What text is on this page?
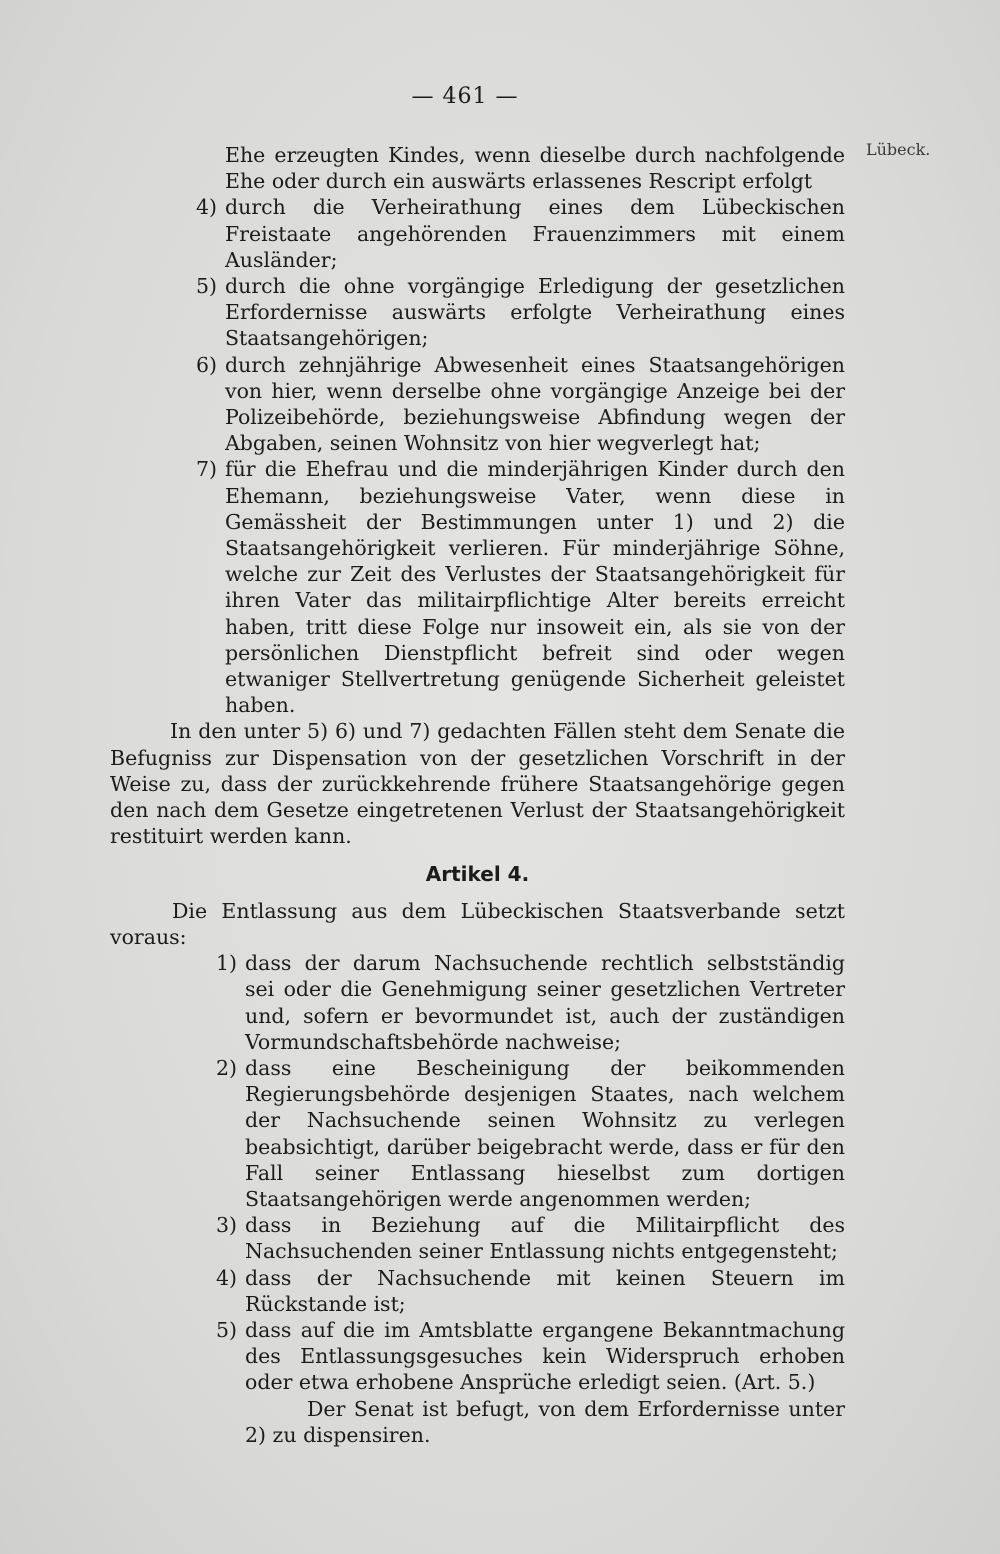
— 461 —
Lübeck.

Ehe erzeugten Kindes, wenn dieselbe durch nachfolgende Ehe oder durch ein auswärts erlassenes Rescript erfolgt

4) durch die Verheirathung eines dem Lübeckischen Freistaate angehörenden Frauenzimmers mit einem Ausländer;
5) durch die ohne vorgängige Erledigung der gesetzlichen Erfordernisse auswärts erfolgte Verheirathung eines Staatsangehörigen;
6) durch zehnjährige Abwesenheit eines Staatsangehörigen von hier, wenn derselbe ohne vorgängige Anzeige bei der Polizeibehörde, beziehungsweise Abfindung wegen der Abgaben, seinen Wohnsitz von hier wegverlegt hat;
7) für die Ehefrau und die minderjährigen Kinder durch den Ehemann, beziehungsweise Vater, wenn diese in Gemässheit der Bestimmungen unter 1) und 2) die Staatsangehörigkeit verlieren. Für minderjährige Söhne, welche zur Zeit des Verlustes der Staatsangehörigkeit für ihren Vater das militairpflichtige Alter bereits erreicht haben, tritt diese Folge nur insoweit ein, als sie von der persönlichen Dienstpflicht befreit sind oder wegen etwaniger Stellvertretung genügende Sicherheit geleistet haben.

In den unter 5) 6) und 7) gedachten Fällen steht dem Senate die Befugniss zur Dispensation von der gesetzlichen Vorschrift in der Weise zu, dass der zurückkehrende frühere Staatsangehörige gegen den nach dem Gesetze eingetretenen Verlust der Staatsangehörigkeit restituirt werden kann.

Artikel 4.

Die Entlassung aus dem Lübeckischen Staatsverbande setzt voraus:

1) dass der darum Nachsuchende rechtlich selbstständig sei oder die Genehmigung seiner gesetzlichen Vertreter und, sofern er bevormundet ist, auch der zuständigen Vormundschaftsbehörde nachweise;
2) dass eine Bescheinigung der beikommenden Regierungsbehörde desjenigen Staates, nach welchem der Nachsuchende seinen Wohnsitz zu verlegen beabsichtigt, darüber beigebracht werde, dass er für den Fall seiner Entlassang hieselbst zum dortigen Staatsangehörigen werde angenommen werden;
3) dass in Beziehung auf die Militairpflicht des Nachsuchenden seiner Entlassung nichts entgegensteht;
4) dass der Nachsuchende mit keinen Steuern im Rückstande ist;
5) dass auf die im Amtsblatte ergangene Bekanntmachung des Entlassungsgesuches kein Widerspruch erhoben oder etwa erhobene Ansprüche erledigt seien. (Art. 5.)

Der Senat ist befugt, von dem Erfordernisse unter 2) zu dispensiren.
